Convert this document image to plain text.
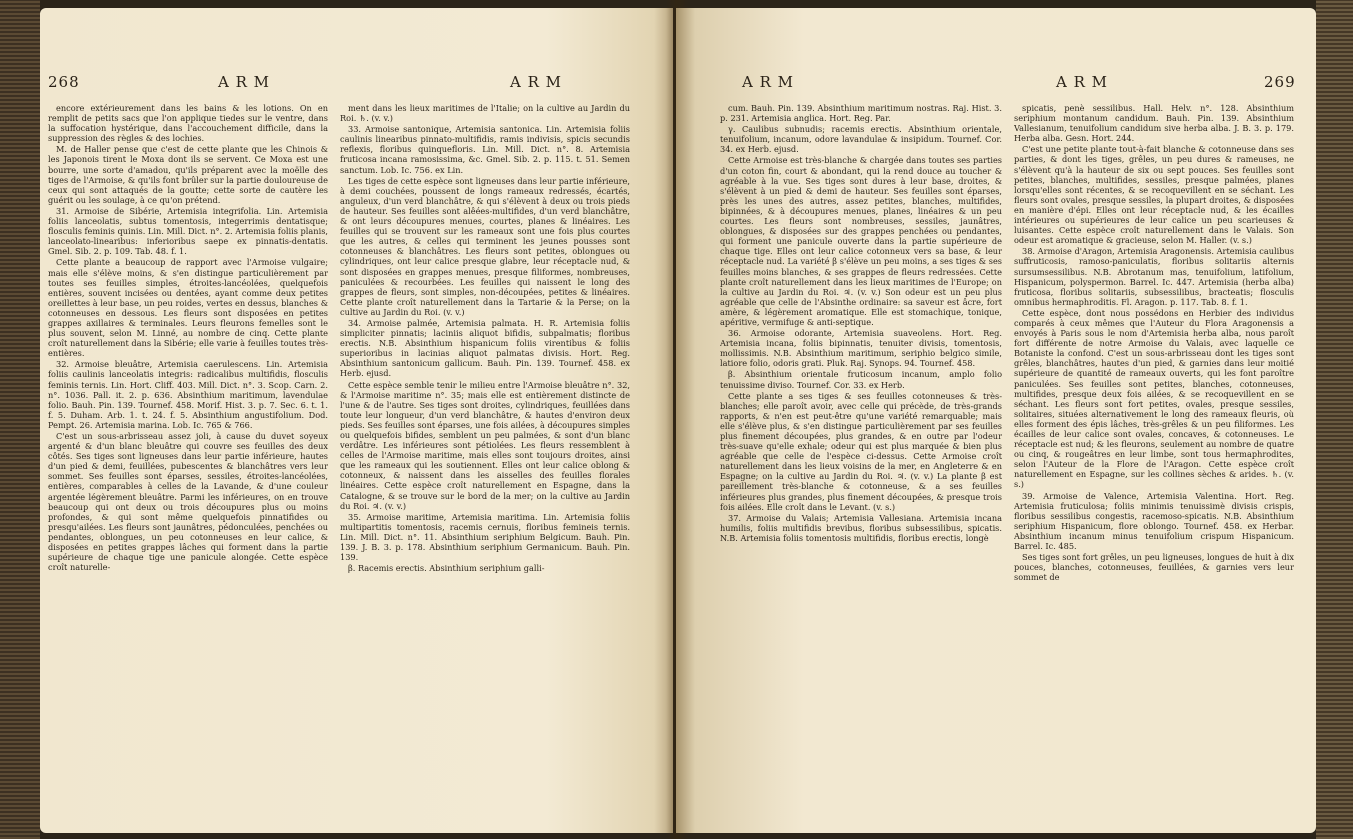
268	A R M	A R M

encore extérieurement dans les bains & les lotions. On en remplit de petits sacs que l'on applique tiedes sur le ventre, dans la suffocation hystérique, dans l'accouchement difficile, dans la suppression des règles & des lochies.

M. de Haller pense que c'est de cette plante que les Chinois & les Japonois tirent le Moxa dont ils se servent. Ce Moxa est une bourre, une sorte d'amadou, qu'ils préparent avec la moëlle des tiges de l'Armoise, & qu'ils font brûler sur la partie douloureuse de ceux qui sont attaqués de la goutte; cette sorte de cautère les guérit ou les soulage, à ce qu'on prétend.

31. Armoise de Sibérie, Artemisia integrifolia. Lin. Artemisia foliis lanceolatis, subtus tomentosis, integerrimis dentatisque; flosculis feminis quinis. Lin. Mill. Dict. n°. 2. Artemisia foliis planis, lanceolato-linearibus: inferioribus saepe ex pinnatis-dentatis. Gmel. Sib. 2. p. 109. Tab. 48. f. 1.

Cette plante a beaucoup de rapport avec l'Armoise vulgaire; mais elle s'élève moins, & s'en distingue particulièrement par toutes ses feuilles simples, étroites-lancéolées, quelquefois entières, souvent incisées ou dentées, ayant comme deux petites oreillettes à leur base, un peu roides, vertes en dessus, blanches & cotonneuses en dessous. Les fleurs sont disposées en petites grappes axillaires & terminales. Leurs fleurons femelles sont le plus souvent, selon M. Linné, au nombre de cinq. Cette plante croît naturellement dans la Sibérie; elle varie à feuilles toutes très-entières.

32. Armoise bleuâtre, Artemisia caerulescens. Lin. Artemisia foliis caulinis lanceolatis integris: radicalibus multifidis, flosculis feminis ternis. Lin. Hort. Cliff. 403. Mill. Dict. n°. 3. Scop. Carn. 2. n°. 1036. Pall. it. 2. p. 636. Absinthium maritimum, lavendulae folio. Bauh. Pin. 139. Tournef. 458. Morif. Hist. 3. p. 7. Sec. 6. t. 1. f. 5. Duham. Arb. 1. t. 24. f. 5. Absinthium angustifolium. Dod. Pempt. 26. Artemisia marina. Lob. Ic. 765 & 766.

C'est un sous-arbrisseau assez joli, à cause du duvet soyeux argenté & d'un blanc bleuâtre qui couvre ses feuilles des deux côtés. Ses tiges sont ligneuses dans leur partie inférieure, hautes d'un pied & demi, feuillées, pubescentes & blanchâtres vers leur sommet. Ses feuilles sont éparses, sessiles, étroites-lancéolées, entières, comparables à celles de la Lavande, & d'une couleur argentée légèrement bleuâtre. Parmi les inférieures, on en trouve beaucoup qui ont deux ou trois découpures plus ou moins profondes, & qui sont même quelquefois pinnatifides ou presqu'ailées. Les fleurs sont jaunâtres, pédonculées, penchées ou pendantes, oblongues, un peu cotonneuses en leur calice, & disposées en petites grappes lâches qui forment dans la partie supérieure de chaque tige une panicule alongée. Cette espèce croît naturelle-

ment dans les lieux maritimes de l'Italie; on la cultive au Jardin du Roi. ♄. (v. v.)

33. Armoise santonique, Artemisia santonica. Lin. Artemisia foliis caulinis linearibus pinnato-multifidis, ramis indivisis, spicis secundis reflexis, floribus quinquefloris. Lin. Mill. Dict. n°. 8. Artemisia fruticosa incana ramosissima, &c. Gmel. Sib. 2. p. 115. t. 51. Semen sanctum. Lob. Ic. 756. ex Lin.

Les tiges de cette espèce sont ligneuses dans leur partie inférieure, à demi couchées, poussent de longs rameaux redressés, écartés, anguleux, d'un verd blanchâtre, & qui s'élèvent à deux ou trois pieds de hauteur. Ses feuilles sont alêées-multifides, d'un verd blanchâtre, & ont leurs découpures menues, courtes, planes & linéaires. Les feuilles qui se trouvent sur les rameaux sont une fois plus courtes que les autres, & celles qui terminent les jeunes pousses sont cotonneuses & blanchâtres. Les fleurs sont petites, oblongues ou cylindriques, ont leur calice presque glabre, leur réceptacle nud, & sont disposées en grappes menues, presque filiformes, nombreuses, paniculées & recourbées. Les feuilles qui naissent le long des grappes de fleurs, sont simples, non-découpées, petites & linéaires. Cette plante croît naturellement dans la Tartarie & la Perse; on la cultive au Jardin du Roi. (v. v.)

34. Armoise palmée, Artemisia palmata. H. R. Artemisia foliis simpliciter pinnatis; laciniis aliquot bifidis, subpalmatis; floribus erectis. N.B. Absinthium hispanicum foliis virentibus & foliis superioribus in lacinias aliquot palmatas divisis. Hort. Reg. Absinthium santonicum gallicum. Bauh. Pin. 139. Tournef. 458. ex Herb. ejusd.

Cette espèce semble tenir le milieu entre l'Armoise bleuâtre n°. 32, & l'Armoise maritime n°. 35; mais elle est entièrement distincte de l'une & de l'autre. Ses tiges sont droites, cylindriques, feuillées dans toute leur longueur, d'un verd blanchâtre, & hautes d'environ deux pieds. Ses feuilles sont éparses, une fois ailées, à découpures simples ou quelquefois bifides, semblent un peu palmées, & sont d'un blanc verdâtre. Les inférieures sont pétiolées. Les fleurs ressemblent à celles de l'Armoise maritime, mais elles sont toujours droites, ainsi que les rameaux qui les soutiennent. Elles ont leur calice oblong & cotonneux, & naissent dans les aisselles des feuilles florales linéaires. Cette espèce croît naturellement en Espagne, dans la Catalogne, & se trouve sur le bord de la mer; on la cultive au Jardin du Roi. ♃. (v. v.)

35. Armoise maritime, Artemisia maritima. Lin. Artemisia foliis multipartitis tomentosis, racemis cernuis, floribus femineis ternis. Lin. Mill. Dict. n°. 11. Absinthium seriphium Belgicum. Bauh. Pin. 139. J. B. 3. p. 178. Absinthium seriphium Germanicum. Bauh. Pin. 139.

β. Racemis erectis. Absinthium seriphium galli-

A R M	A R M	269

cum. Bauh. Pin. 139. Absinthium maritimum nostras. Raj. Hist. 3. p. 231. Artemisia anglica. Hort. Reg. Par.

γ. Caulibus subnudis; racemis erectis. Absinthium orientale, tenuifolium, incanum, odore lavandulae & insipidum. Tournef. Cor. 34. ex Herb. ejusd.

Cette Armoise est très-blanche & chargée dans toutes ses parties d'un coton fin, court & abondant, qui la rend douce au toucher & agréable à la vue. Ses tiges sont dures à leur base, droites, & s'élèvent à un pied & demi de hauteur. Ses feuilles sont éparses, près les unes des autres, assez petites, blanches, multifides, bipinnées, & à découpures menues, planes, linéaires & un peu courtes. Les fleurs sont nombreuses, sessiles, jaunâtres, oblongues, & disposées sur des grappes penchées ou pendantes, qui forment une panicule ouverte dans la partie supérieure de chaque tige. Elles ont leur calice cotonneux vers sa base, & leur réceptacle nud. La variété β s'élève un peu moins, a ses tiges & ses feuilles moins blanches, & ses grappes de fleurs redressées. Cette plante croît naturellement dans les lieux maritimes de l'Europe; on la cultive au Jardin du Roi. ♃. (v. v.) Son odeur est un peu plus agréable que celle de l'Absinthe ordinaire: sa saveur est âcre, fort amère, & légèrement aromatique. Elle est stomachique, tonique, apéritive, vermifuge & anti-septique.

36. Armoise odorante, Artemisia suaveolens. Hort. Reg. Artemisia incana, foliis bipinnatis, tenuiter divisis, tomentosis, mollissimis. N.B. Absinthium maritimum, seriphio belgico simile, latiore folio, odoris grati. Pluk. Raj. Synops. 94. Tournef. 458.

β. Absinthium orientale fruticosum incanum, amplo folio tenuissime diviso. Tournef. Cor. 33. ex Herb.

Cette plante a ses tiges & ses feuilles cotonneuses & très-blanches; elle paroît avoir, avec celle qui précède, de très-grands rapports, & n'en est peut-être qu'une variété remarquable; mais elle s'élève plus, & s'en distingue particulièrement par ses feuilles plus finement découpées, plus grandes, & en outre par l'odeur très-suave qu'elle exhale; odeur qui est plus marquée & bien plus agréable que celle de l'espèce ci-dessus. Cette Armoise croît naturellement dans les lieux voisins de la mer, en Angleterre & en Espagne; on la cultive au Jardin du Roi. ♃. (v. v.) La plante β est pareillement très-blanche & cotonneuse, & a ses feuilles inférieures plus grandes, plus finement découpées, & presque trois fois ailées. Elle croît dans le Levant. (v. s.)

37. Armoise du Valais; Artemisia Vallesiana. Artemisia incana humilis, foliis multifidis brevibus, floribus subsessilibus, spicatis. N.B. Artemisia foliis tomentosis multifidis, floribus erectis, longè

spicatis, penè sessilibus. Hall. Helv. n°. 128. Absinthium seriphium montanum candidum. Bauh. Pin. 139. Absinthium Vallesianum, tenuifolium candidum sive herba alba. J. B. 3. p. 179. Herba alba. Gesn. Hort. 244.

C'est une petite plante tout-à-fait blanche & cotonneuse dans ses parties, & dont les tiges, grêles, un peu dures & rameuses, ne s'élèvent qu'à la hauteur de six ou sept pouces. Ses feuilles sont petites, blanches, multifides, sessiles, presque palmées, planes lorsqu'elles sont récentes, & se recoquevillent en se séchant. Les fleurs sont ovales, presque sessiles, la plupart droites, & disposées en manière d'épi. Elles ont leur réceptacle nud, & les écailles intérieures ou supérieures de leur calice un peu scarieuses & luisantes. Cette espèce croît naturellement dans le Valais. Son odeur est aromatique & gracieuse, selon M. Haller. (v. s.)

38. Armoise d'Aragon, Artemisia Aragonensis. Artemisia caulibus suffruticosis, ramoso-paniculatis, floribus solitariis alternis sursumsessilibus. N.B. Abrotanum mas, tenuifolium, latifolium, Hispanicum, polyspermon. Barrel. Ic. 447. Artemisia (herba alba) fruticosa, floribus solitariis, subsessilibus, bracteatis; flosculis omnibus hermaphroditis. Fl. Aragon. p. 117. Tab. 8. f. 1.

Cette espèce, dont nous possédons en Herbier des individus comparés à ceux mêmes que l'Auteur du Flora Aragonensis a envoyés à Paris sous le nom d'Artemisia herba alba, nous paroît fort différente de notre Armoise du Valais, avec laquelle ce Botaniste la confond. C'est un sous-arbrisseau dont les tiges sont grêles, blanchâtres, hautes d'un pied, & garnies dans leur moitié supérieure de quantité de rameaux ouverts, qui les font paroître paniculées. Ses feuilles sont petites, blanches, cotonneuses, multifides, presque deux fois ailées, & se recoquevillent en se séchant. Les fleurs sont fort petites, ovales, presque sessiles, solitaires, situées alternativement le long des rameaux fleuris, où elles forment des épis lâches, très-grêles & un peu filiformes. Les écailles de leur calice sont ovales, concaves, & cotonneuses. Le réceptacle est nud; & les fleurons, seulement au nombre de quatre ou cinq, & rougeâtres en leur limbe, sont tous hermaphrodites, selon l'Auteur de la Flore de l'Aragon. Cette espèce croît naturellement en Espagne, sur les collines sèches & arides. ♄. (v. s.)

39. Armoise de Valence, Artemisia Valentina. Hort. Reg. Artemisia fruticulosa; foliis minimis tenuissimè divisis crispis, floribus sessilibus congestis, racemoso-spicatis. N.B. Absinthium seriphium Hispanicum, flore oblongo. Tournef. 458. ex Herbar. Absinthium incanum minus tenuifolium crispum Hispanicum. Barrel. Ic. 485.

Ses tiges sont fort grêles, un peu ligneuses, longues de huit à dix pouces, blanches, cotonneuses, feuillées, & garnies vers leur sommet de
